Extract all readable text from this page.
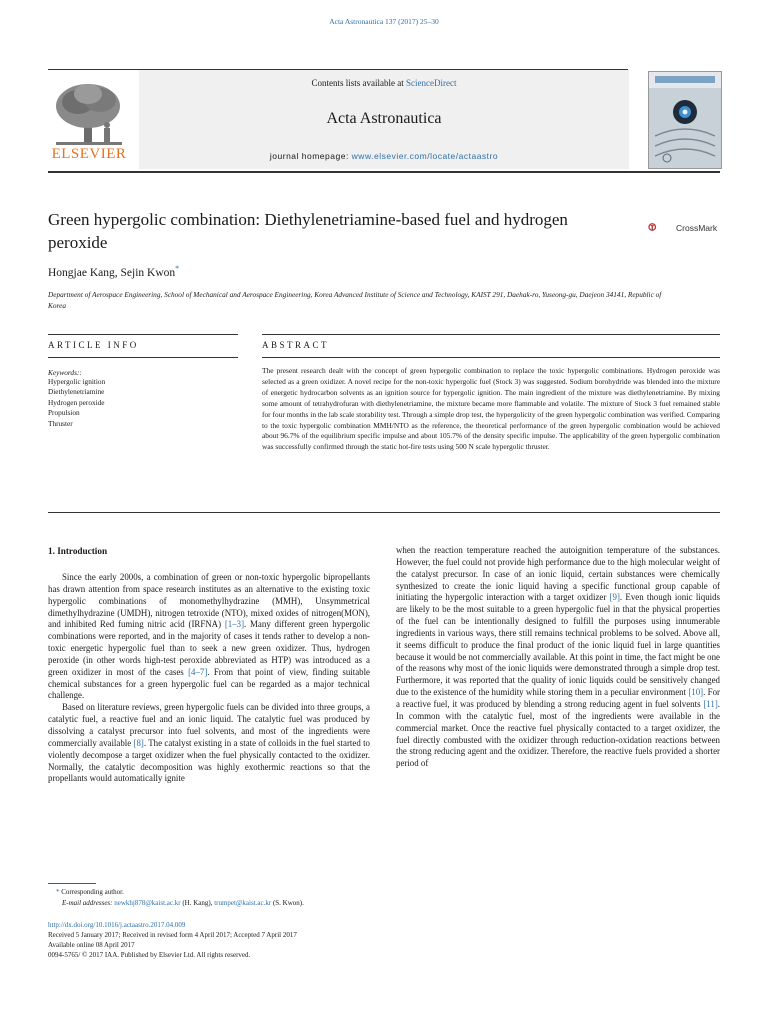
Acta Astronautica 137 (2017) 25–30
Contents lists available at ScienceDirect
Acta Astronautica
journal homepage: www.elsevier.com/locate/actaastro
ELSEVIER
Green hypergolic combination: Diethylenetriamine-based fuel and hydrogen peroxide
CrossMark
Hongjae Kang, Sejin Kwon*
Department of Aerospace Engineering, School of Mechanical and Aerospace Engineering, Korea Advanced Institute of Science and Technology, KAIST 291, Daehak-ro, Yuseong-gu, Daejeon 34141, Republic of Korea
ARTICLE INFO	ABSTRACT
Keywords::
Hypergolic ignition
Diethylenetriamine
Hydrogen peroxide
Propulsion
Thruster
The present research dealt with the concept of green hypergolic combination to replace the toxic hypergolic combinations. Hydrogen peroxide was selected as a green oxidizer. A novel recipe for the non-toxic hypergolic fuel (Stock 3) was suggested. Sodium borohydride was blended into the mixture of energetic hydrocarbon solvents as an ignition source for hypergolic ignition. The main ingredient of the mixture was diethylenetriamine. By mixing some amount of tetrahydrofuran with diethylenetriamine, the mixture became more flammable and volatile. The mixture of Stock 3 fuel remained stable for four months in the lab scale storability test. Through a simple drop test, the hypergolicity of the green hypergolic combination was verified. Comparing to the toxic hypergolic combination MMH/NTO as the reference, the theoretical performance of the green hypergolic combination would be achieved about 96.7% of the equilibrium specific impulse and about 105.7% of the density specific impulse. The applicability of the green hypergolic combination was successfully confirmed through the static hot-fire tests using 500 N scale hypergolic thruster.
1. Introduction

Since the early 2000s, a combination of green or non-toxic hypergolic bipropellants has drawn attention from space research institutes as an alternative to the existing toxic hypergolic combinations of monomethylhydrazine (MMH), Unsymmetrical dimethylhydrazine (UMDH), nitrogen tetroxide (NTO), mixed oxides of nitrogen(MON), and inhibited Red fuming nitric acid (IRFNA) [1–3]. Many different green hypergolic combinations were reported, and in the majority of cases it tends rather to develop a non-toxic energetic hypergolic fuel than to seek a new green oxidizer. Thus, hydrogen peroxide (in other words high-test peroxide abbreviated as HTP) was introduced as a green oxidizer in most of the cases [4–7]. From that point of view, finding suitable chemical substances for a green hypergolic fuel can be regarded as a major technical challenge.

Based on literature reviews, green hypergolic fuels can be divided into three groups, a catalytic fuel, a reactive fuel and an ionic liquid. The catalytic fuel was produced by dissolving a catalyst precursor into fuel solvents, and most of the ingredients were commercially available [8]. The catalyst existing in a state of colloids in the fuel started to violently decompose a target oxidizer when the fuel physically contacted to the oxidizer. Normally, the catalytic decomposition was highly exothermic reactions so that the propellants would automatically ignite

when the reaction temperature reached the autoignition temperature of the substances. However, the fuel could not provide high performance due to the high molecular weight of the catalyst precursor. In case of an ionic liquid, certain substances were chemically synthesized to create the ionic liquid having a specific functional group capable of initiating the hypergolic interaction with a target oxidizer [9]. Even though ionic liquids are likely to be the most suitable to a green hypergolic fuel in that the physical properties of the fuel can be intentionally designed to fulfill the purposes using innumerable ingredients in various ways, there still remains technical problems to be solved. Above all, it seems difficult to produce the final product of the ionic liquid fuel in large quantities because it would be not commercially available. At this point in time, the fact might be one of the reasons why most of the ionic liquids were demonstrated through a simple drop test. Furthermore, it was reported that the quality of ionic liquids could be sensitively changed due to the existence of the humidity while storing them in a peculiar environment [10]. For a reactive fuel, it was produced by blending a strong reducing agent in fuel solvents [11]. In common with the catalytic fuel, most of the ingredients were available in the commercial market. Once the reactive fuel physically contacted to a target oxidizer, the fuel directly combusted with the oxidizer through reduction-oxidation reactions between the strong reducing agent and the oxidizer. Therefore, the reactive fuels provided a shorter period of

* Corresponding author.
E-mail addresses: newkhj878@kaist.ac.kr (H. Kang), trumpet@kaist.ac.kr (S. Kwon).
http://dx.doi.org/10.1016/j.actaastro.2017.04.009
Received 5 January 2017; Received in revised form 4 April 2017; Accepted 7 April 2017
Available online 08 April 2017
0094-5765/ © 2017 IAA. Published by Elsevier Ltd. All rights reserved.
